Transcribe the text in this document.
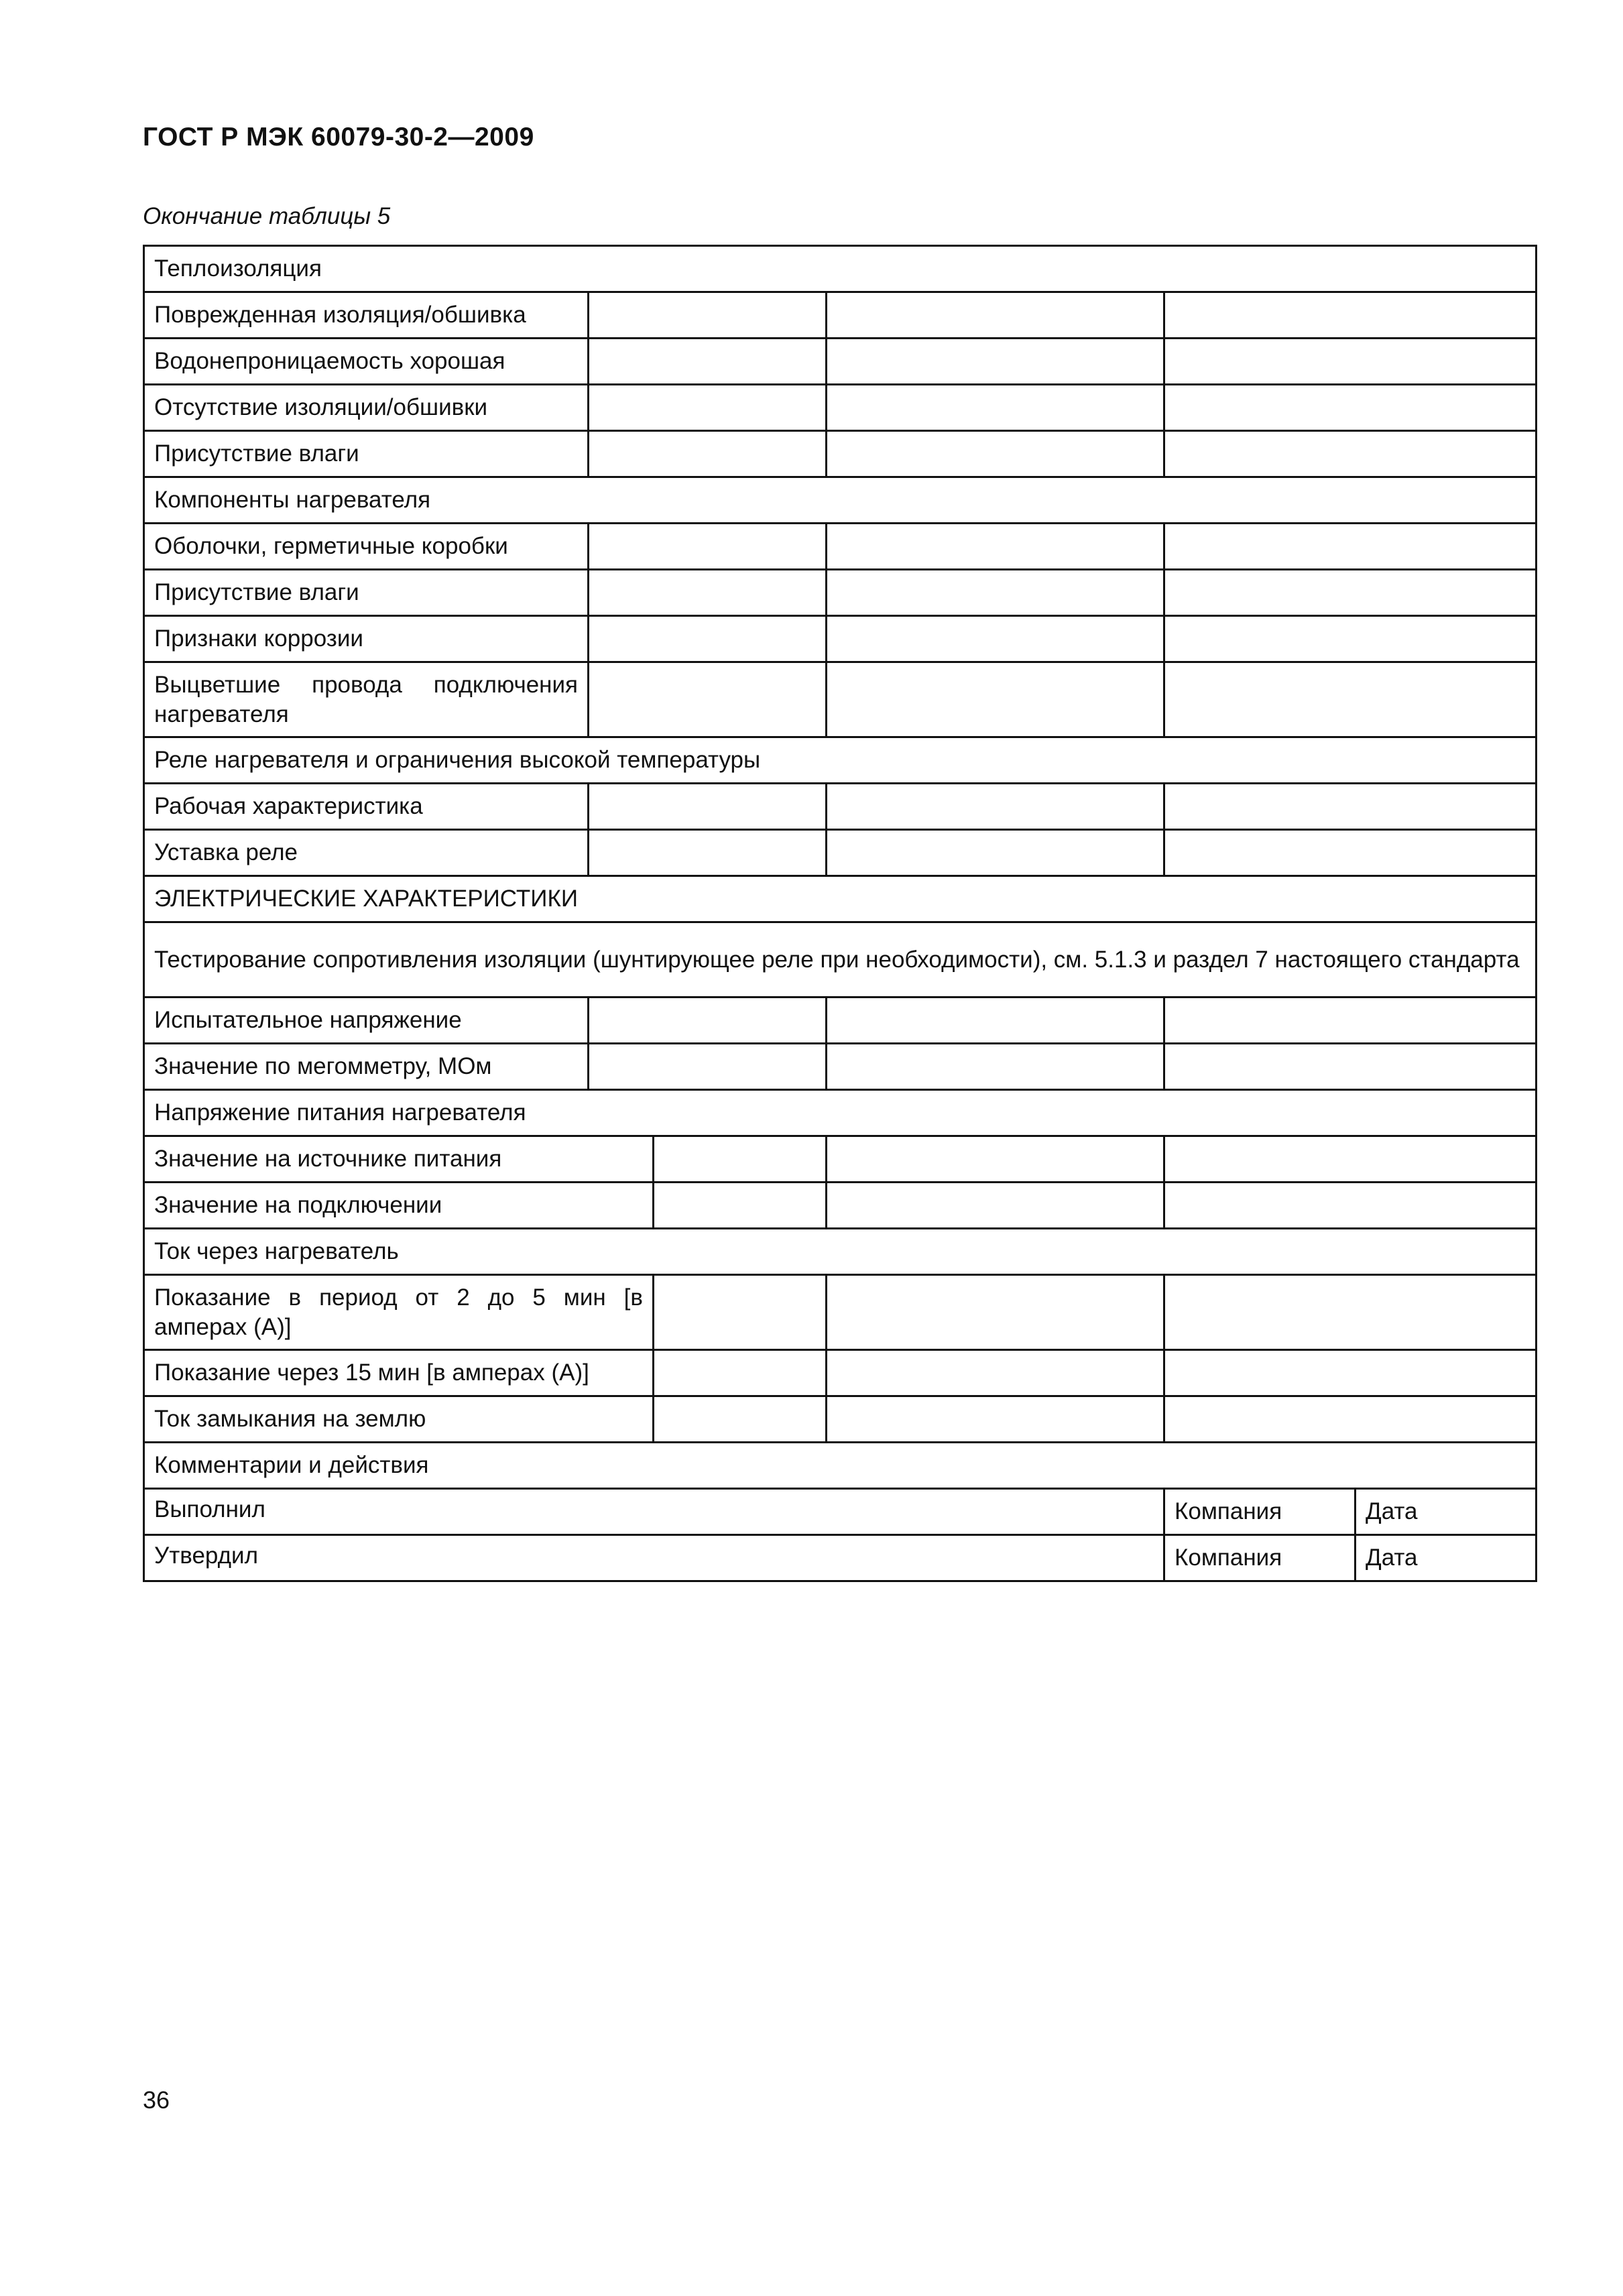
ГОСТ Р МЭК 60079-30-2—2009
Окончание таблицы 5
Теплоизоляция					
Поврежденная изоляция/обшивка					
Водонепроницаемость хорошая					
Отсутствие изоляции/обшивки					
Присутствие влаги					
Компоненты нагревателя					
Оболочки, герметичные коробки					
Присутствие влаги					
Признаки коррозии					
Выцветшие провода подключения нагревателя					
Реле нагревателя и ограничения высокой температуры					
Рабочая характеристика					
Уставка реле					
ЭЛЕКТРИЧЕСКИЕ ХАРАКТЕРИСТИКИ					
Тестирование сопротивления изоляции (шунтирующее реле при необходимости), см. 5.1.3 и раздел 7 настоящего стандарта					
Испытательное напряжение					
Значение по мегомметру, МОм					
Напряжение питания нагревателя					
Значение на источнике питания					
Значение на подключении					
Ток через нагреватель					
Показание в период от 2 до 5 мин [в амперах (А)]					
Показание через 15 мин [в амперах (А)]					
Ток замыкания на землю					
Комментарии и действия					
Выполнил				Компания	Дата
Утвердил				Компания	Дата
36
